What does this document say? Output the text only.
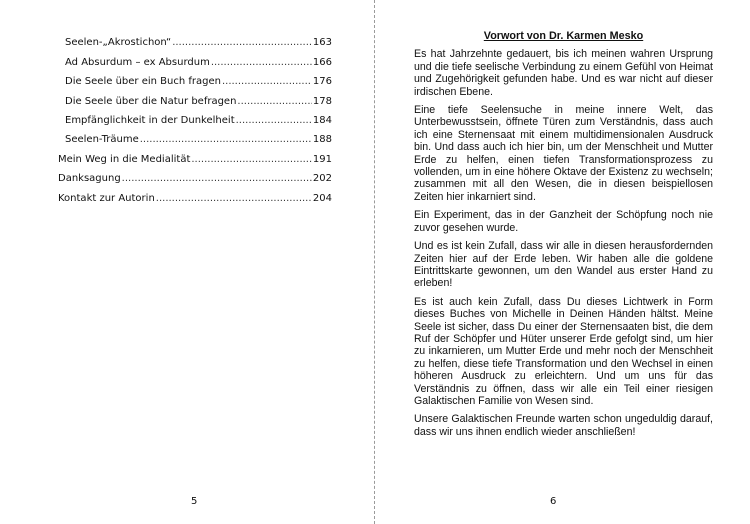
Seelen-„Akrostichon“ .....	163
Ad Absurdum – ex Absurdum .....	166
Die Seele über ein Buch fragen .....	176
Die Seele über die Natur befragen .....	178
Empfänglichkeit in der Dunkelheit .....	184
Seelen-Träume .....	188
Mein Weg in die Medialität .....	191
Danksagung .....	202
Kontakt zur Autorin .....	204
5
Vorwort von Dr. Karmen Mesko

Es hat Jahrzehnte gedauert, bis ich meinen wahren Ursprung und die tiefe seelische Verbindung zu einem Gefühl von Heimat und Zugehörigkeit gefunden habe. Und es war nicht auf dieser irdischen Ebene.

Eine tiefe Seelensuche in meine innere Welt, das Unterbewusstsein, öffnete Türen zum Verständnis, dass auch ich eine Sternensaat mit einem multidimensionalen Ausdruck bin. Und dass auch ich hier bin, um der Menschheit und Mutter Erde zu helfen, einen tiefen Transformationsprozess zu vollenden, um in eine höhere Oktave der Existenz zu wechseln; zusammen mit all den Wesen, die in diesen beispiellosen Zeiten hier inkarniert sind.

Ein Experiment, das in der Ganzheit der Schöpfung noch nie zuvor gesehen wurde.

Und es ist kein Zufall, dass wir alle in diesen herausfordernden Zeiten hier auf der Erde leben. Wir haben alle die goldene Eintrittskarte gewonnen, um den Wandel aus erster Hand zu erleben!

Es ist auch kein Zufall, dass Du dieses Lichtwerk in Form dieses Buches von Michelle in Deinen Händen hältst. Meine Seele ist sicher, dass Du einer der Sternensaaten bist, die dem Ruf der Schöpfer und Hüter unserer Erde gefolgt sind, um hier zu inkarnieren, um Mutter Erde und mehr noch der Menschheit zu helfen, diese tiefe Transformation und den Wechsel in einen höheren Ausdruck zu erleichtern. Und um uns für das Verständnis zu öffnen, dass wir alle ein Teil einer riesigen Galaktischen Familie von Wesen sind.

Unsere Galaktischen Freunde warten schon ungeduldig darauf, dass wir uns ihnen endlich wieder anschließen!

6
